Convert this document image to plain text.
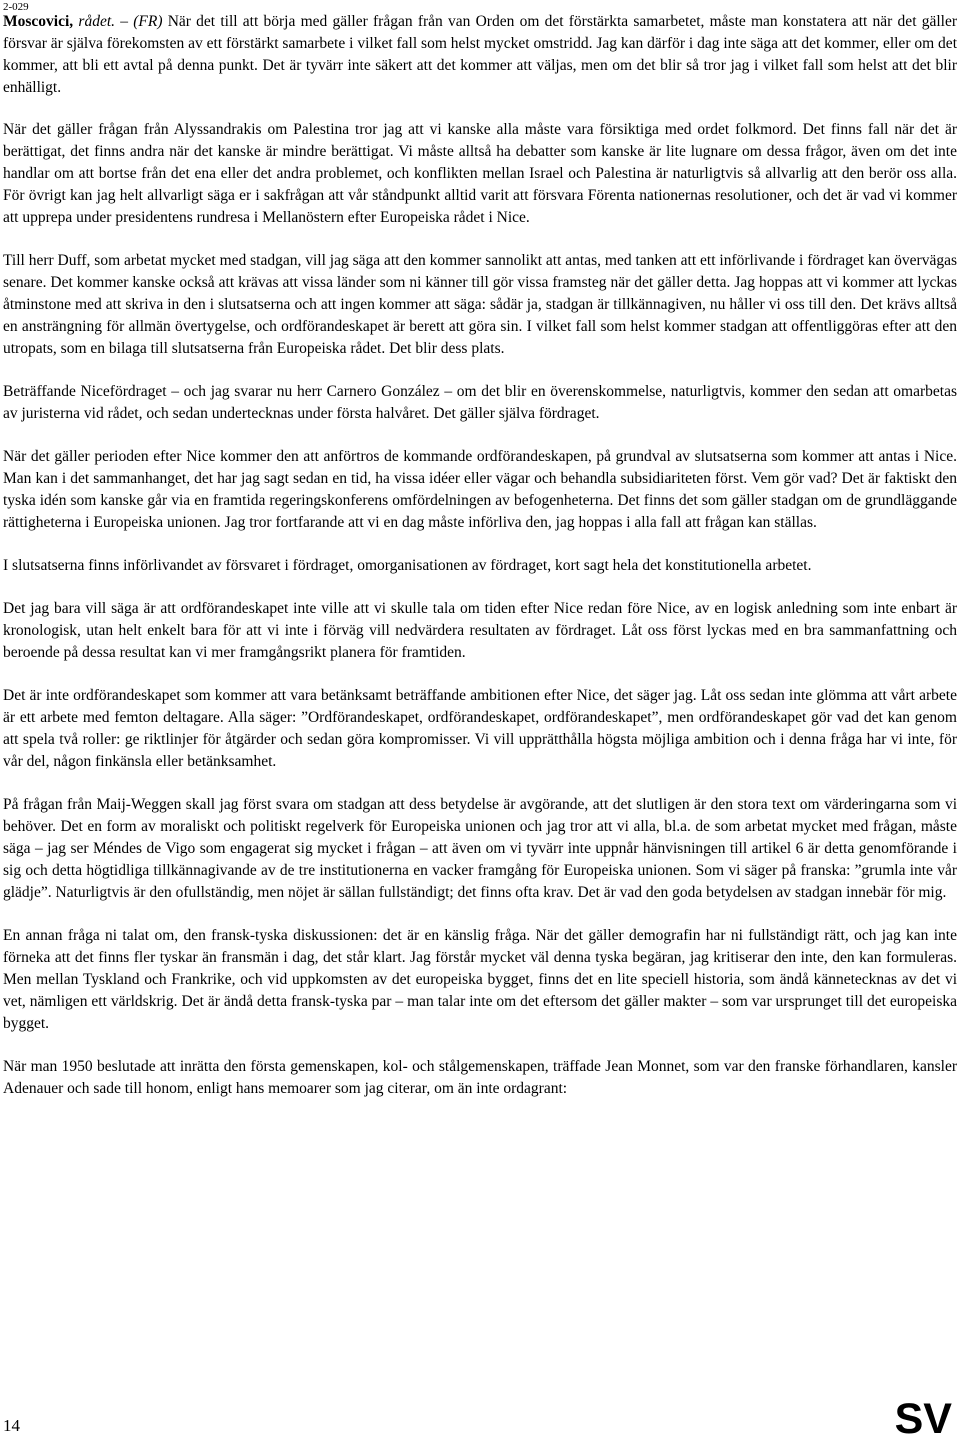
2-029

Moscovici, rådet. – (FR) När det till att börja med gäller frågan från van Orden om det förstärkta samarbetet, måste man konstatera att när det gäller försvar är själva förekomsten av ett förstärkt samarbete i vilket fall som helst mycket omstridd. Jag kan därför i dag inte säga att det kommer, eller om det kommer, att bli ett avtal på denna punkt. Det är tyvärr inte säkert att det kommer att väljas, men om det blir så tror jag i vilket fall som helst att det blir enhälligt.

När det gäller frågan från Alyssandrakis om Palestina tror jag att vi kanske alla måste vara försiktiga med ordet folkmord. Det finns fall när det är berättigat, det finns andra när det kanske är mindre berättigat. Vi måste alltså ha debatter som kanske är lite lugnare om dessa frågor, även om det inte handlar om att bortse från det ena eller det andra problemet, och konflikten mellan Israel och Palestina är naturligtvis så allvarlig att den berör oss alla. För övrigt kan jag helt allvarligt säga er i sakfrågan att vår ståndpunkt alltid varit att försvara Förenta nationernas resolutioner, och det är vad vi kommer att upprepa under presidentens rundresa i Mellanöstern efter Europeiska rådet i Nice.

Till herr Duff, som arbetat mycket med stadgan, vill jag säga att den kommer sannolikt att antas, med tanken att ett införlivande i fördraget kan övervägas senare. Det kommer kanske också att krävas att vissa länder som ni känner till gör vissa framsteg när det gäller detta. Jag hoppas att vi kommer att lyckas åtminstone med att skriva in den i slutsatserna och att ingen kommer att säga: sådär ja, stadgan är tillkännagiven, nu håller vi oss till den. Det krävs alltså en ansträngning för allmän övertygelse, och ordförandeskapet är berett att göra sin. I vilket fall som helst kommer stadgan att offentliggöras efter att den utropats, som en bilaga till slutsatserna från Europeiska rådet. Det blir dess plats.

Beträffande Nicefördraget – och jag svarar nu herr Carnero González – om det blir en överenskommelse, naturligtvis, kommer den sedan att omarbetas av juristerna vid rådet, och sedan undertecknas under första halvåret. Det gäller själva fördraget.

När det gäller perioden efter Nice kommer den att anförtros de kommande ordförandeskapen, på grundval av slutsatserna som kommer att antas i Nice. Man kan i det sammanhanget, det har jag sagt sedan en tid, ha vissa idéer eller vägar och behandla subsidiariteten först. Vem gör vad? Det är faktiskt den tyska idén som kanske går via en framtida regeringskonferens omfördelningen av befogenheterna. Det finns det som gäller stadgan om de grundläggande rättigheterna i Europeiska unionen. Jag tror fortfarande att vi en dag måste införliva den, jag hoppas i alla fall att frågan kan ställas.

I slutsatserna finns införlivandet av försvaret i fördraget, omorganisationen av fördraget, kort sagt hela det konstitutionella arbetet.

Det jag bara vill säga är att ordförandeskapet inte ville att vi skulle tala om tiden efter Nice redan före Nice, av en logisk anledning som inte enbart är kronologisk, utan helt enkelt bara för att vi inte i förväg vill nedvärdera resultaten av fördraget. Låt oss först lyckas med en bra sammanfattning och beroende på dessa resultat kan vi mer framgångsrikt planera för framtiden.

Det är inte ordförandeskapet som kommer att vara betänksamt beträffande ambitionen efter Nice, det säger jag. Låt oss sedan inte glömma att vårt arbete är ett arbete med femton deltagare. Alla säger: ”Ordförandeskapet, ordförandeskapet, ordförandeskapet”, men ordförandeskapet gör vad det kan genom att spela två roller: ge riktlinjer för åtgärder och sedan göra kompromisser. Vi vill upprätthålla högsta möjliga ambition och i denna fråga har vi inte, för vår del, någon finkänsla eller betänksamhet.

På frågan från Maij-Weggen skall jag först svara om stadgan att dess betydelse är avgörande, att det slutligen är den stora text om värderingarna som vi behöver. Det en form av moraliskt och politiskt regelverk för Europeiska unionen och jag tror att vi alla, bl.a. de som arbetat mycket med frågan, måste säga – jag ser Méndes de Vigo som engagerat sig mycket i frågan – att även om vi tyvärr inte uppnår hänvisningen till artikel 6 är detta genomförande i sig och detta högtidliga tillkännagivande av de tre institutionerna en vacker framgång för Europeiska unionen. Som vi säger på franska: ”grumla inte vår glädje”. Naturligtvis är den ofullständig, men nöjet är sällan fullständigt; det finns ofta krav. Det är vad den goda betydelsen av stadgan innebär för mig.

En annan fråga ni talat om, den fransk-tyska diskussionen: det är en känslig fråga. När det gäller demografin har ni fullständigt rätt, och jag kan inte förneka att det finns fler tyskar än fransmän i dag, det står klart. Jag förstår mycket väl denna tyska begäran, jag kritiserar den inte, den kan formuleras. Men mellan Tyskland och Frankrike, och vid uppkomsten av det europeiska bygget, finns det en lite speciell historia, som ändå kännetecknas av det vi vet, nämligen ett världskrig. Det är ändå detta fransk-tyska par – man talar inte om det eftersom det gäller makter – som var ursprunget till det europeiska bygget.

När man 1950 beslutade att inrätta den första gemenskapen, kol- och stålgemenskapen, träffade Jean Monnet, som var den franske förhandlaren, kansler Adenauer och sade till honom, enligt hans memoarer som jag citerar, om än inte ordagrant:

14	SV
